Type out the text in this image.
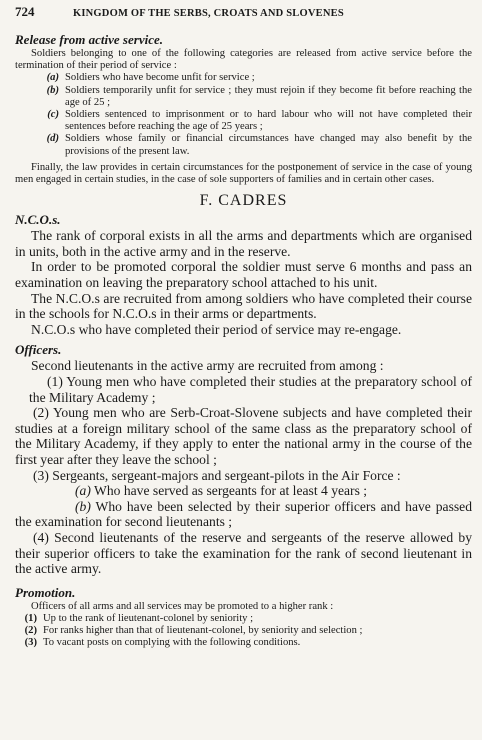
724	KINGDOM OF THE SERBS, CROATS AND SLOVENES

Release from active service.

Soldiers belonging to one of the following categories are released from active service before the termination of their period of service :
(a) Soldiers who have become unfit for service ;
(b) Soldiers temporarily unfit for service ; they must rejoin if they become fit before reaching the age of 25 ;
(c) Soldiers sentenced to imprisonment or to hard labour who will not have completed their sentences before reaching the age of 25 years ;
(d) Soldiers whose family or financial circumstances have changed may also benefit by the provisions of the present law.
Finally, the law provides in certain circumstances for the postponement of service in the case of young men engaged in certain studies, in the case of sole supporters of families and in certain other cases.
F. CADRES

N.C.O.s.

The rank of corporal exists in all the arms and departments which are organised in units, both in the active army and in the reserve.
In order to be promoted corporal the soldier must serve 6 months and pass an examination on leaving the preparatory school attached to his unit.
The N.C.O.s are recruited from among soldiers who have completed their course in the schools for N.C.O.s in their arms or departments.
N.C.O.s who have completed their period of service may re-engage.

Officers.

Second lieutenants in the active army are recruited from among :
(1) Young men who have completed their studies at the preparatory school of the Military Academy ;
(2) Young men who are Serb-Croat-Slovene subjects and have completed their studies at a foreign military school of the same class as the preparatory school of the Military Academy, if they apply to enter the national army in the course of the first year after they leave the school ;
(3) Sergeants, sergeant-majors and sergeant-pilots in the Air Force :
(a) Who have served as sergeants for at least 4 years ;
(b) Who have been selected by their superior officers and have passed the examination for second lieutenants ;
(4) Second lieutenants of the reserve and sergeants of the reserve allowed by their superior officers to take the examination for the rank of second lieutenant in the active army.

Promotion.

Officers of all arms and all services may be promoted to a higher rank :
(1) Up to the rank of lieutenant-colonel by seniority ;
(2) For ranks higher than that of lieutenant-colonel, by seniority and selection ;
(3) To vacant posts on complying with the following conditions.
